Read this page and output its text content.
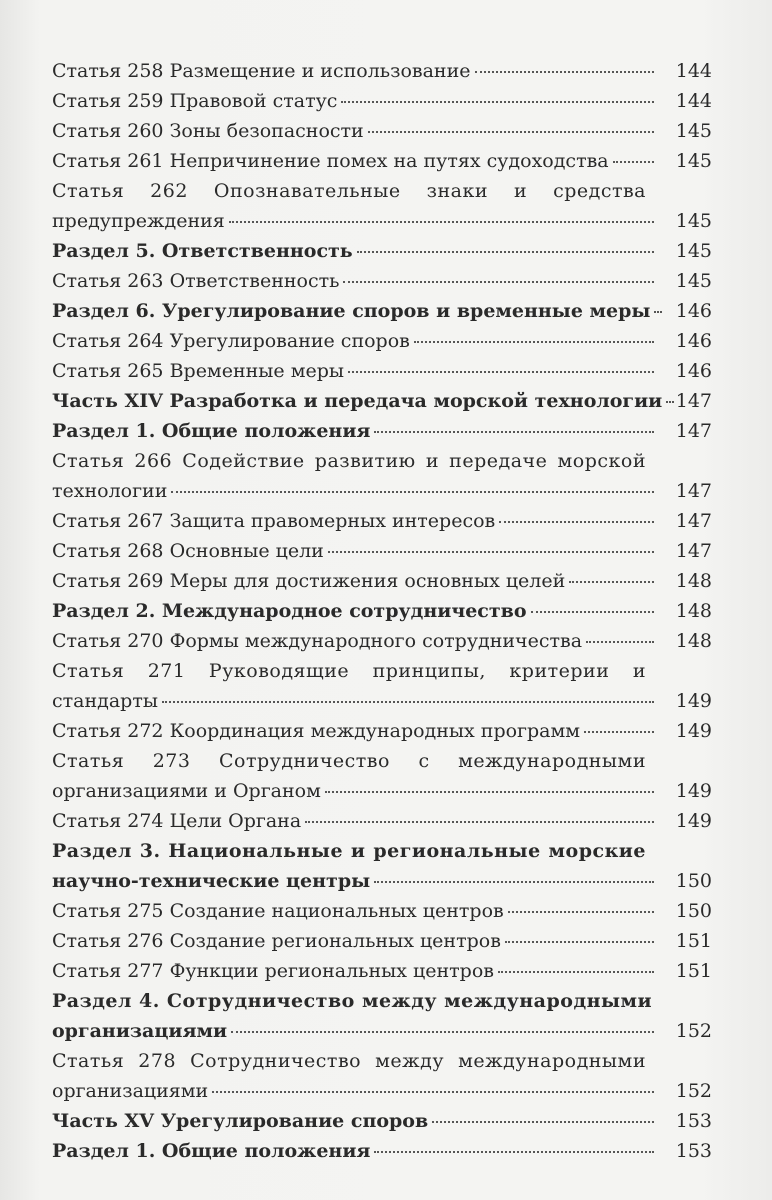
Статья 258 Размещение и использование	144
Статья 259 Правовой статус	144
Статья 260 Зоны безопасности	145
Статья 261 Непричинение помех на путях судоходства	145
Статья 262 Опознавательные знаки и средства
предупреждения	145
Раздел 5. Ответственность	145
Статья 263 Ответственность	145
Раздел 6. Урегулирование споров и временные меры	146
Статья 264 Урегулирование споров	146
Статья 265 Временные меры	146
Часть XIV Разработка и передача морской технологии 147
Раздел 1. Общие положения	147
Статья 266 Содействие развитию и передаче морской
технологии	147
Статья 267 Защита правомерных интересов	147
Статья 268 Основные цели	147
Статья 269 Меры для достижения основных целей	148
Раздел 2. Международное сотрудничество	148
Статья 270 Формы международного сотрудничества	148
Статья 271 Руководящие принципы, критерии и
стандарты	149
Статья 272 Координация международных программ	149
Статья 273 Сотрудничество с международными
организациями и Органом	149
Статья 274 Цели Органа	149
Раздел 3. Национальные и региональные морские
научно-технические центры	150
Статья 275 Создание национальных центров	150
Статья 276 Создание региональных центров	151
Статья 277 Функции региональных центров	151
Раздел 4. Сотрудничество между международными
организациями	152
Статья 278 Сотрудничество между международными
организациями	152
Часть XV Урегулирование споров	153
Раздел 1. Общие положения	153
